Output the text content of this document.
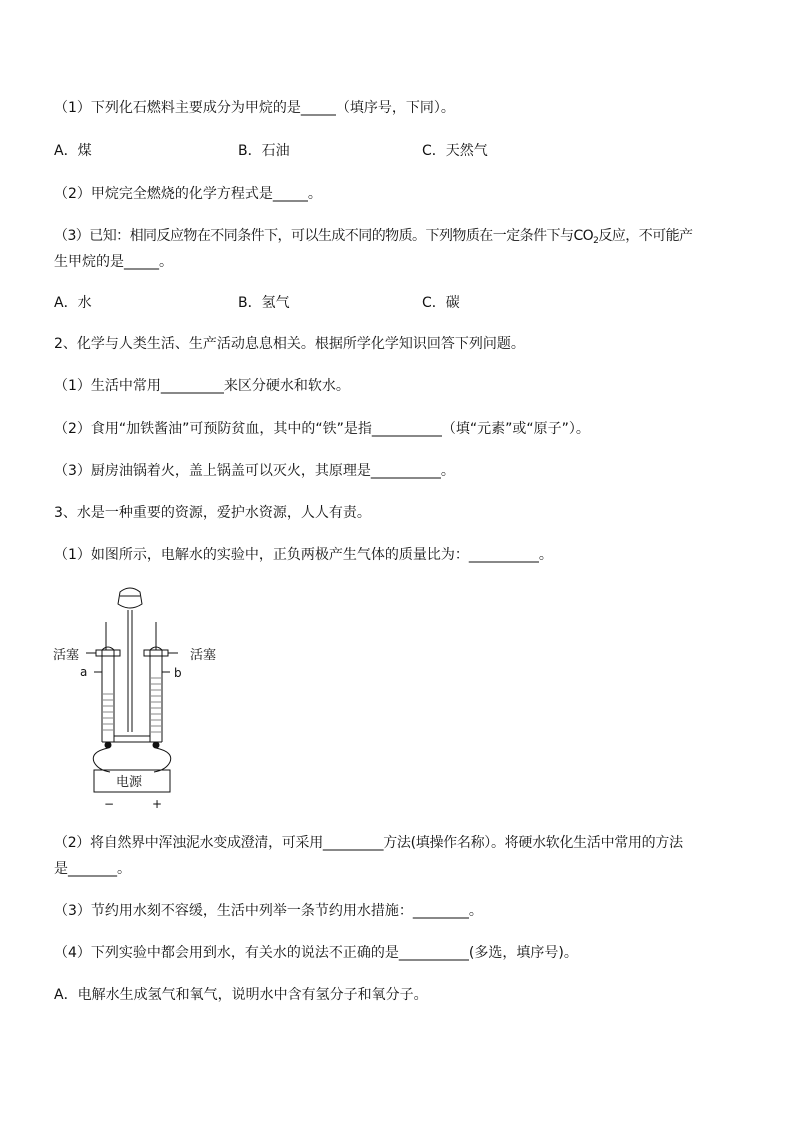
（1）下列化石燃料主要成分为甲烷的是_____（填序号，下同）。
A．煤	B．石油	C．天然气
（2）甲烷完全燃烧的化学方程式是_____。
（3）已知：相同反应物在不同条件下，可以生成不同的物质。下列物质在一定条件下与$CO_2$反应，不可能产
生甲烷的是_____。
A．水	B．氢气	C．碳
2、化学与人类生活、生产活动息息相关。根据所学化学知识回答下列问题。
（1）生活中常用_________来区分硬水和软水。
（2）食用“加铁酱油”可预防贫血，其中的“铁”是指__________（填“元素”或“原子”）。
（3）厨房油锅着火，盖上锅盖可以灭火，其原理是__________。
3、水是一种重要的资源，爱护水资源，人人有责。
（1）如图所示，电解水的实验中，正负两极产生气体的质量比为：__________。
活塞	活塞
a	b
电源
−	+
（2）将自然界中浑浊泥水变成澄清，可采用_________方法(填操作名称）。将硬水软化生活中常用的方法
是_______。
（3）节约用水刻不容缓，生活中列举一条节约用水措施：________。
（4）下列实验中都会用到水，有关水的说法不正确的是__________(多选，填序号)。
A．电解水生成氢气和氧气，说明水中含有氢分子和氧分子。
